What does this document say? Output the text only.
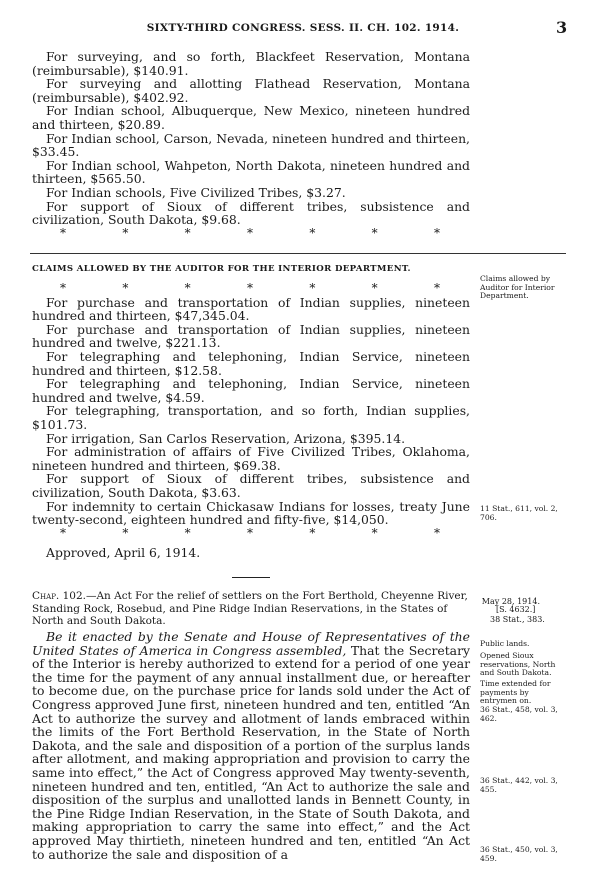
SIXTY-THIRD CONGRESS. SESS. II. CH. 102. 1914.	3

For surveying, and so forth, Blackfeet Reservation, Montana (reimbursable), $140.91.

For surveying and allotting Flathead Reservation, Montana (reimbursable), $402.92.

For Indian school, Albuquerque, New Mexico, nineteen hundred and thirteen, $20.89.

For Indian school, Carson, Nevada, nineteen hundred and thirteen, $33.45.

For Indian school, Wahpeton, North Dakota, nineteen hundred and thirteen, $565.50.

For Indian schools, Five Civilized Tribes, $3.27.

For support of Sioux of different tribes, subsistence and civilization, South Dakota, $9.68.

*	*	*	*	*	*	*
CLAIMS ALLOWED BY THE AUDITOR FOR THE INTERIOR DEPARTMENT.
Claims allowed by Auditor for Interior Department.
*	*	*	*	*	*	*

For purchase and transportation of Indian supplies, nineteen hundred and thirteen, $47,345.04.

For purchase and transportation of Indian supplies, nineteen hundred and twelve, $221.13.

For telegraphing and telephoning, Indian Service, nineteen hundred and thirteen, $12.58.

For telegraphing and telephoning, Indian Service, nineteen hundred and twelve, $4.59.

For telegraphing, transportation, and so forth, Indian supplies, $101.73.

For irrigation, San Carlos Reservation, Arizona, $395.14.

For administration of affairs of Five Civilized Tribes, Oklahoma, nineteen hundred and thirteen, $69.38.

For support of Sioux of different tribes, subsistence and civilization, South Dakota, $3.63.

For indemnity to certain Chickasaw Indians for losses, treaty June twenty-second, eighteen hundred and fifty-five, $14,050.

*	*	*	*	*	*	*

Approved, April 6, 1914.

11 Stat., 611, vol. 2, 706.
Chap. 102.—An Act For the relief of settlers on the Fort Berthold, Cheyenne River, Standing Rock, Rosebud, and Pine Ridge Indian Reservations, in the States of North and South Dakota.
May 28, 1914.
[S. 4632.]
38 Stat., 383.

Be it enacted by the Senate and House of Representatives of the United States of America in Congress assembled, That the Secretary of the Interior is hereby authorized to extend for a period of one year the time for the payment of any annual installment due, or hereafter to become due, on the purchase price for lands sold under the Act of Congress approved June first, nineteen hundred and ten, entitled “An Act to authorize the survey and allotment of lands embraced within the limits of the Fort Berthold Reservation, in the State of North Dakota, and the sale and disposition of a portion of the surplus lands after allotment, and making appropriation and provision to carry the same into effect,” the Act of Congress approved May twenty-seventh, nineteen hundred and ten, entitled, “An Act to authorize the sale and disposition of the surplus and unallotted lands in Bennett County, in the Pine Ridge Indian Reservation, in the State of South Dakota, and making appropriation to carry the same into effect,” and the Act approved May thirtieth, nineteen hundred and ten, entitled “An Act to authorize the sale and disposition of a

Public lands.
Opened Sioux reservations, North and South Dakota.
Time extended for payments by entrymen on.
36 Stat., 458, vol. 3, 462.
36 Stat., 442, vol. 3, 455.
36 Stat., 450, vol. 3, 459.
